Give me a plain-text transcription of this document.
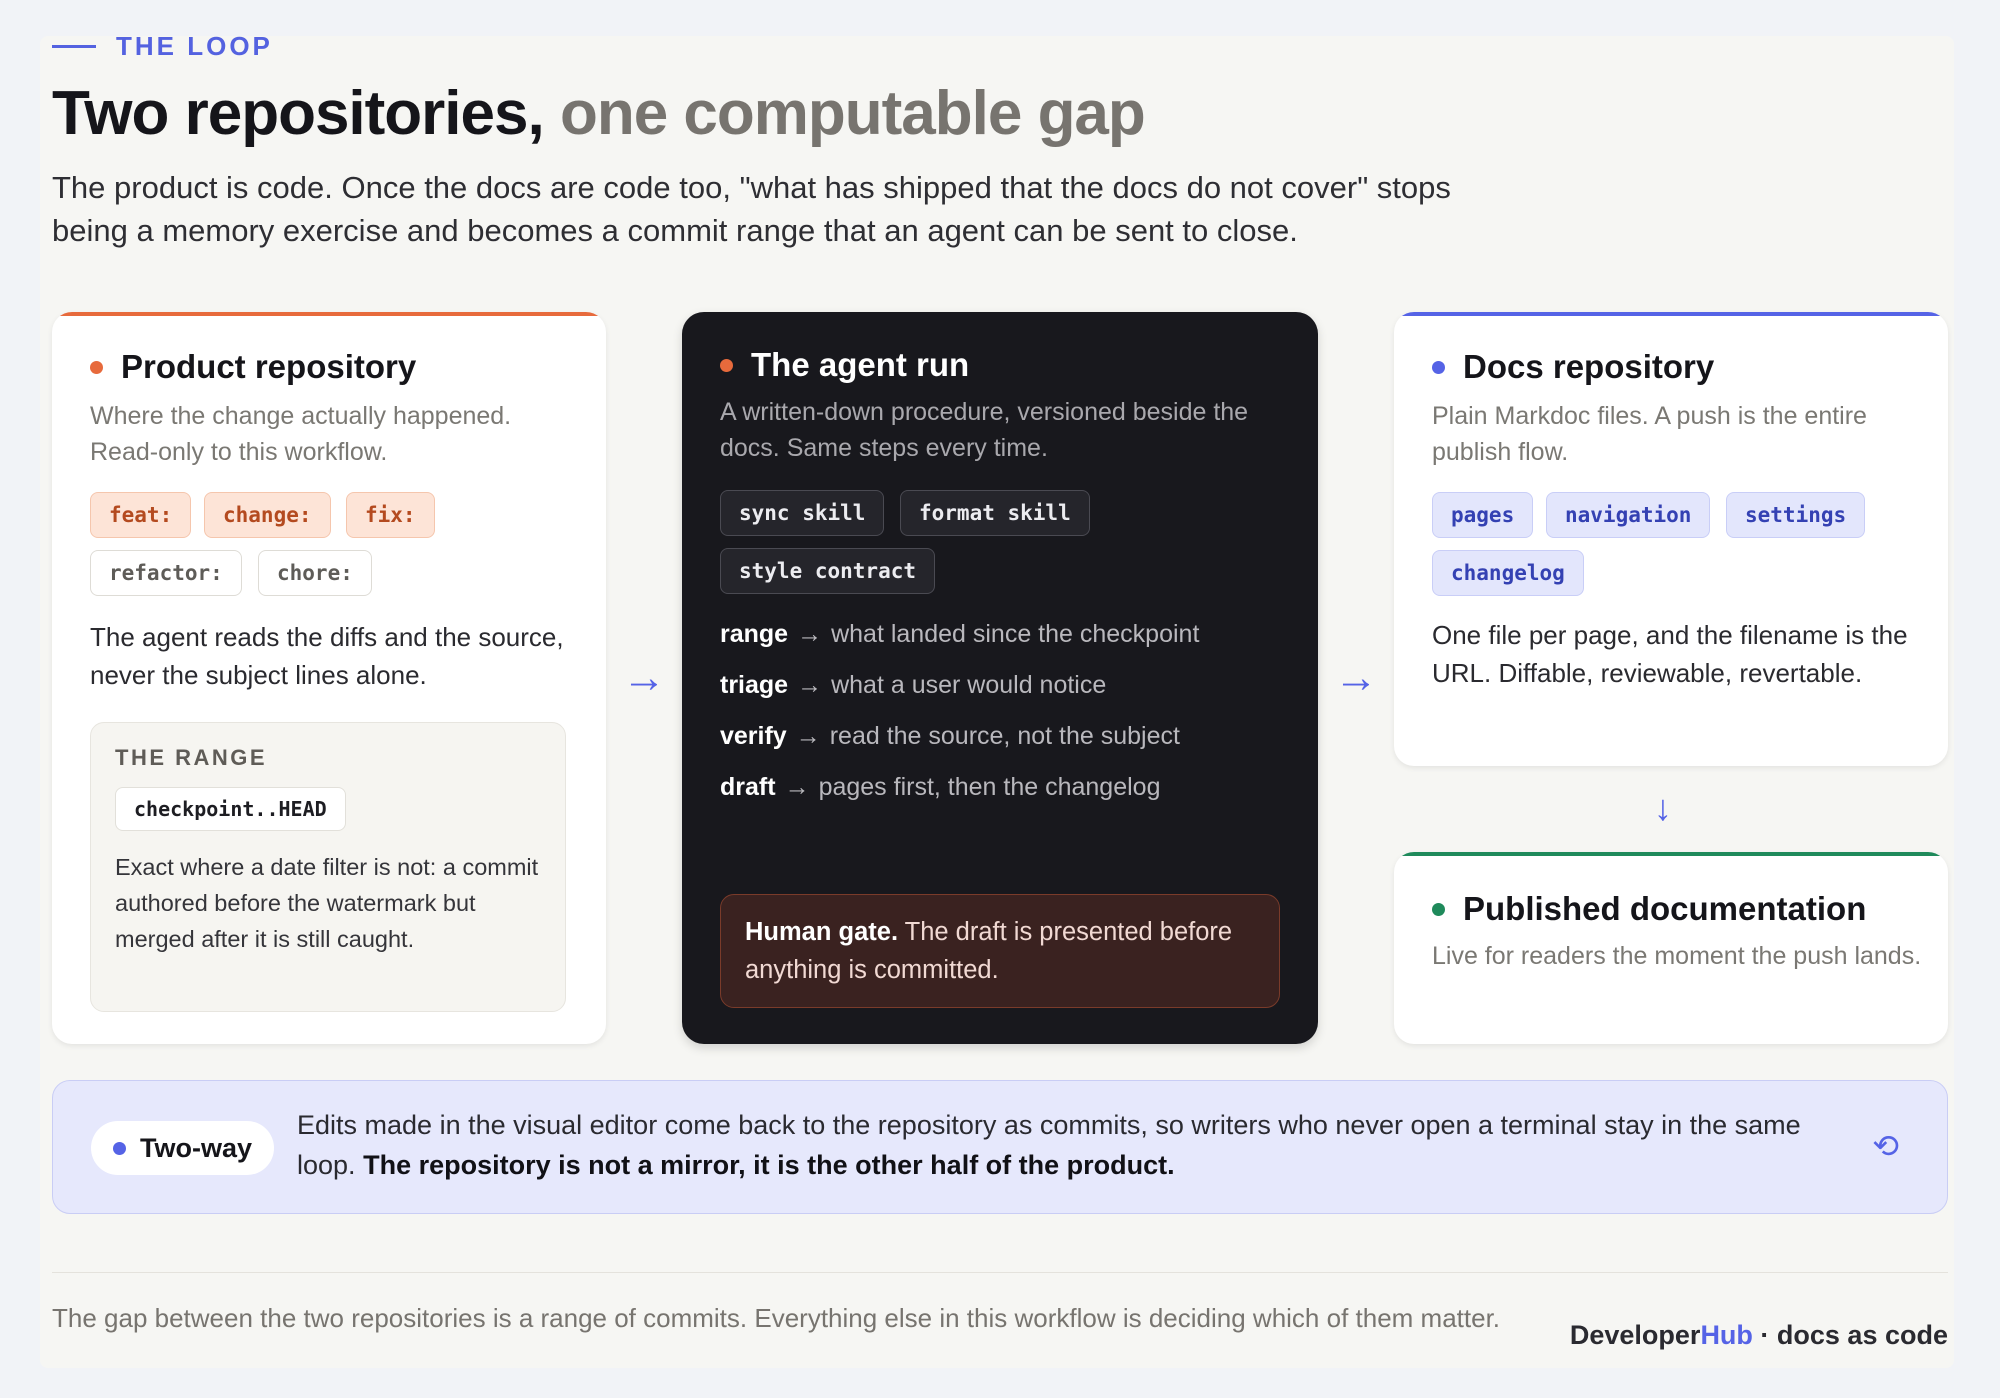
THE LOOP
Two repositories, one computable gap
The product is code. Once the docs are code too, "what has shipped that the docs do not cover" stops being a memory exercise and becomes a commit range that an agent can be sent to close.
Product repository
Where the change actually happened. Read-only to this workflow.
feat:	change:	fix:
refactor:	chore:
The agent reads the diffs and the source, never the subject lines alone.
THE RANGE
checkpoint..HEAD
Exact where a date filter is not: a commit authored before the watermark but merged after it is still caught.
→
The agent run
A written-down procedure, versioned beside the docs. Same steps every time.
sync skill	format skill
style contract
range → what landed since the checkpoint
triage → what a user would notice
verify → read the source, not the subject
draft → pages first, then the changelog
Human gate. The draft is presented before anything is committed.
→
Docs repository
Plain Markdoc files. A push is the entire publish flow.
pages	navigation	settings
changelog
One file per page, and the filename is the URL. Diffable, reviewable, revertable.
↓
Published documentation
Live for readers the moment the push lands.
Two-way
Edits made in the visual editor come back to the repository as commits, so writers who never open a terminal stay in the same loop. The repository is not a mirror, it is the other half of the product.
⟲
The gap between the two repositories is a range of commits. Everything else in this workflow is deciding which of them matter.
DeveloperHub · docs as code
